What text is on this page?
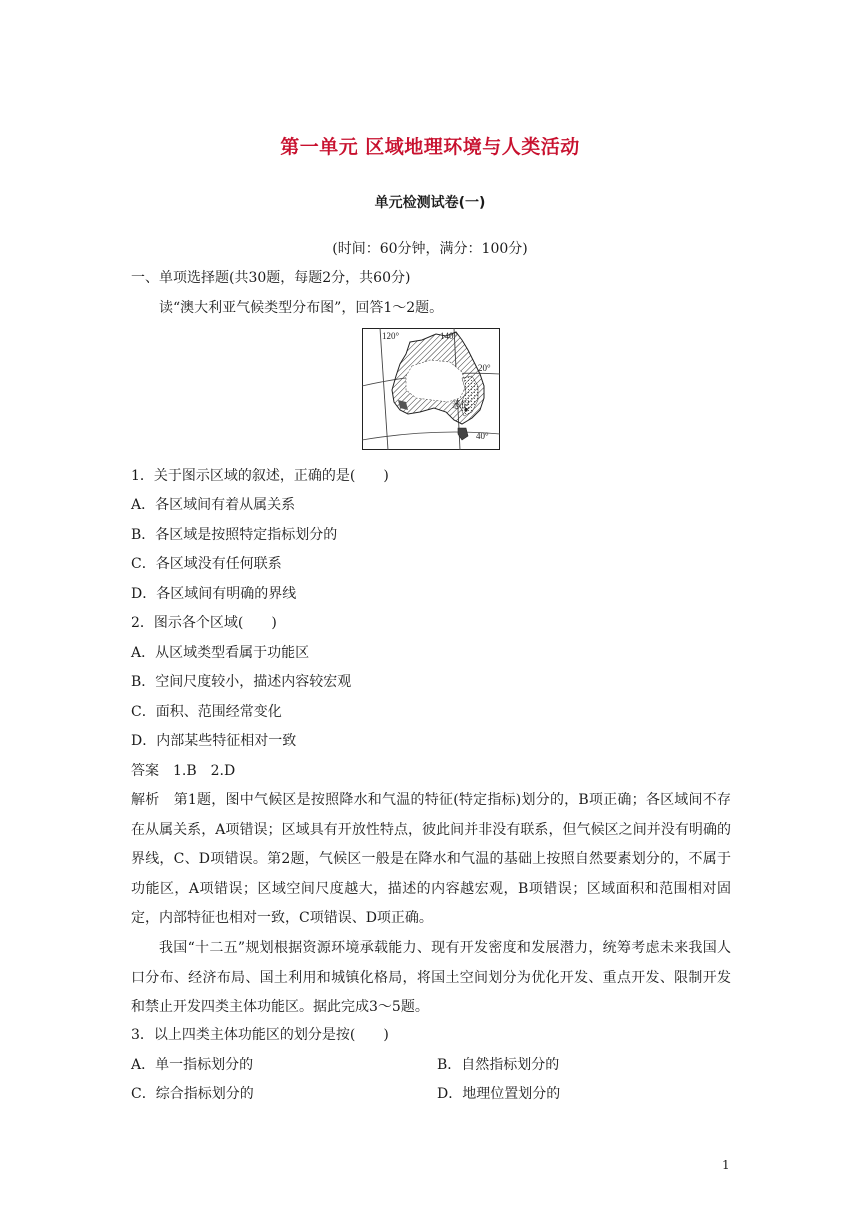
第一单元 区域地理环境与人类活动
单元检测试卷(一)
(时间：60分钟，满分：100分)
一、单项选择题(共30题，每题2分，共60分)
读“澳大利亚气候类型分布图”，回答1～2题。
120°	140°
20°
40°
悉尼
1．关于图示区域的叙述，正确的是(　　)
A．各区域间有着从属关系
B．各区域是按照特定指标划分的
C．各区域没有任何联系
D．各区域间有明确的界线
2．图示各个区域(　　)
A．从区域类型看属于功能区
B．空间尺度较小，描述内容较宏观
C．面积、范围经常变化
D．内部某些特征相对一致
答案　1.B　2.D
解析　第1题，图中气候区是按照降水和气温的特征(特定指标)划分的，B项正确；各区域间不存在从属关系，A项错误；区域具有开放性特点，彼此间并非没有联系，但气候区之间并没有明确的界线，C、D项错误。第2题，气候区一般是在降水和气温的基础上按照自然要素划分的，不属于功能区，A项错误；区域空间尺度越大，描述的内容越宏观，B项错误；区域面积和范围相对固定，内部特征也相对一致，C项错误、D项正确。
我国“十二五”规划根据资源环境承载能力、现有开发密度和发展潜力，统筹考虑未来我国人口分布、经济布局、国土利用和城镇化格局，将国土空间划分为优化开发、重点开发、限制开发和禁止开发四类主体功能区。据此完成3～5题。
3．以上四类主体功能区的划分是按(　　)
A．单一指标划分的	B．自然指标划分的
C．综合指标划分的	D．地理位置划分的
1
